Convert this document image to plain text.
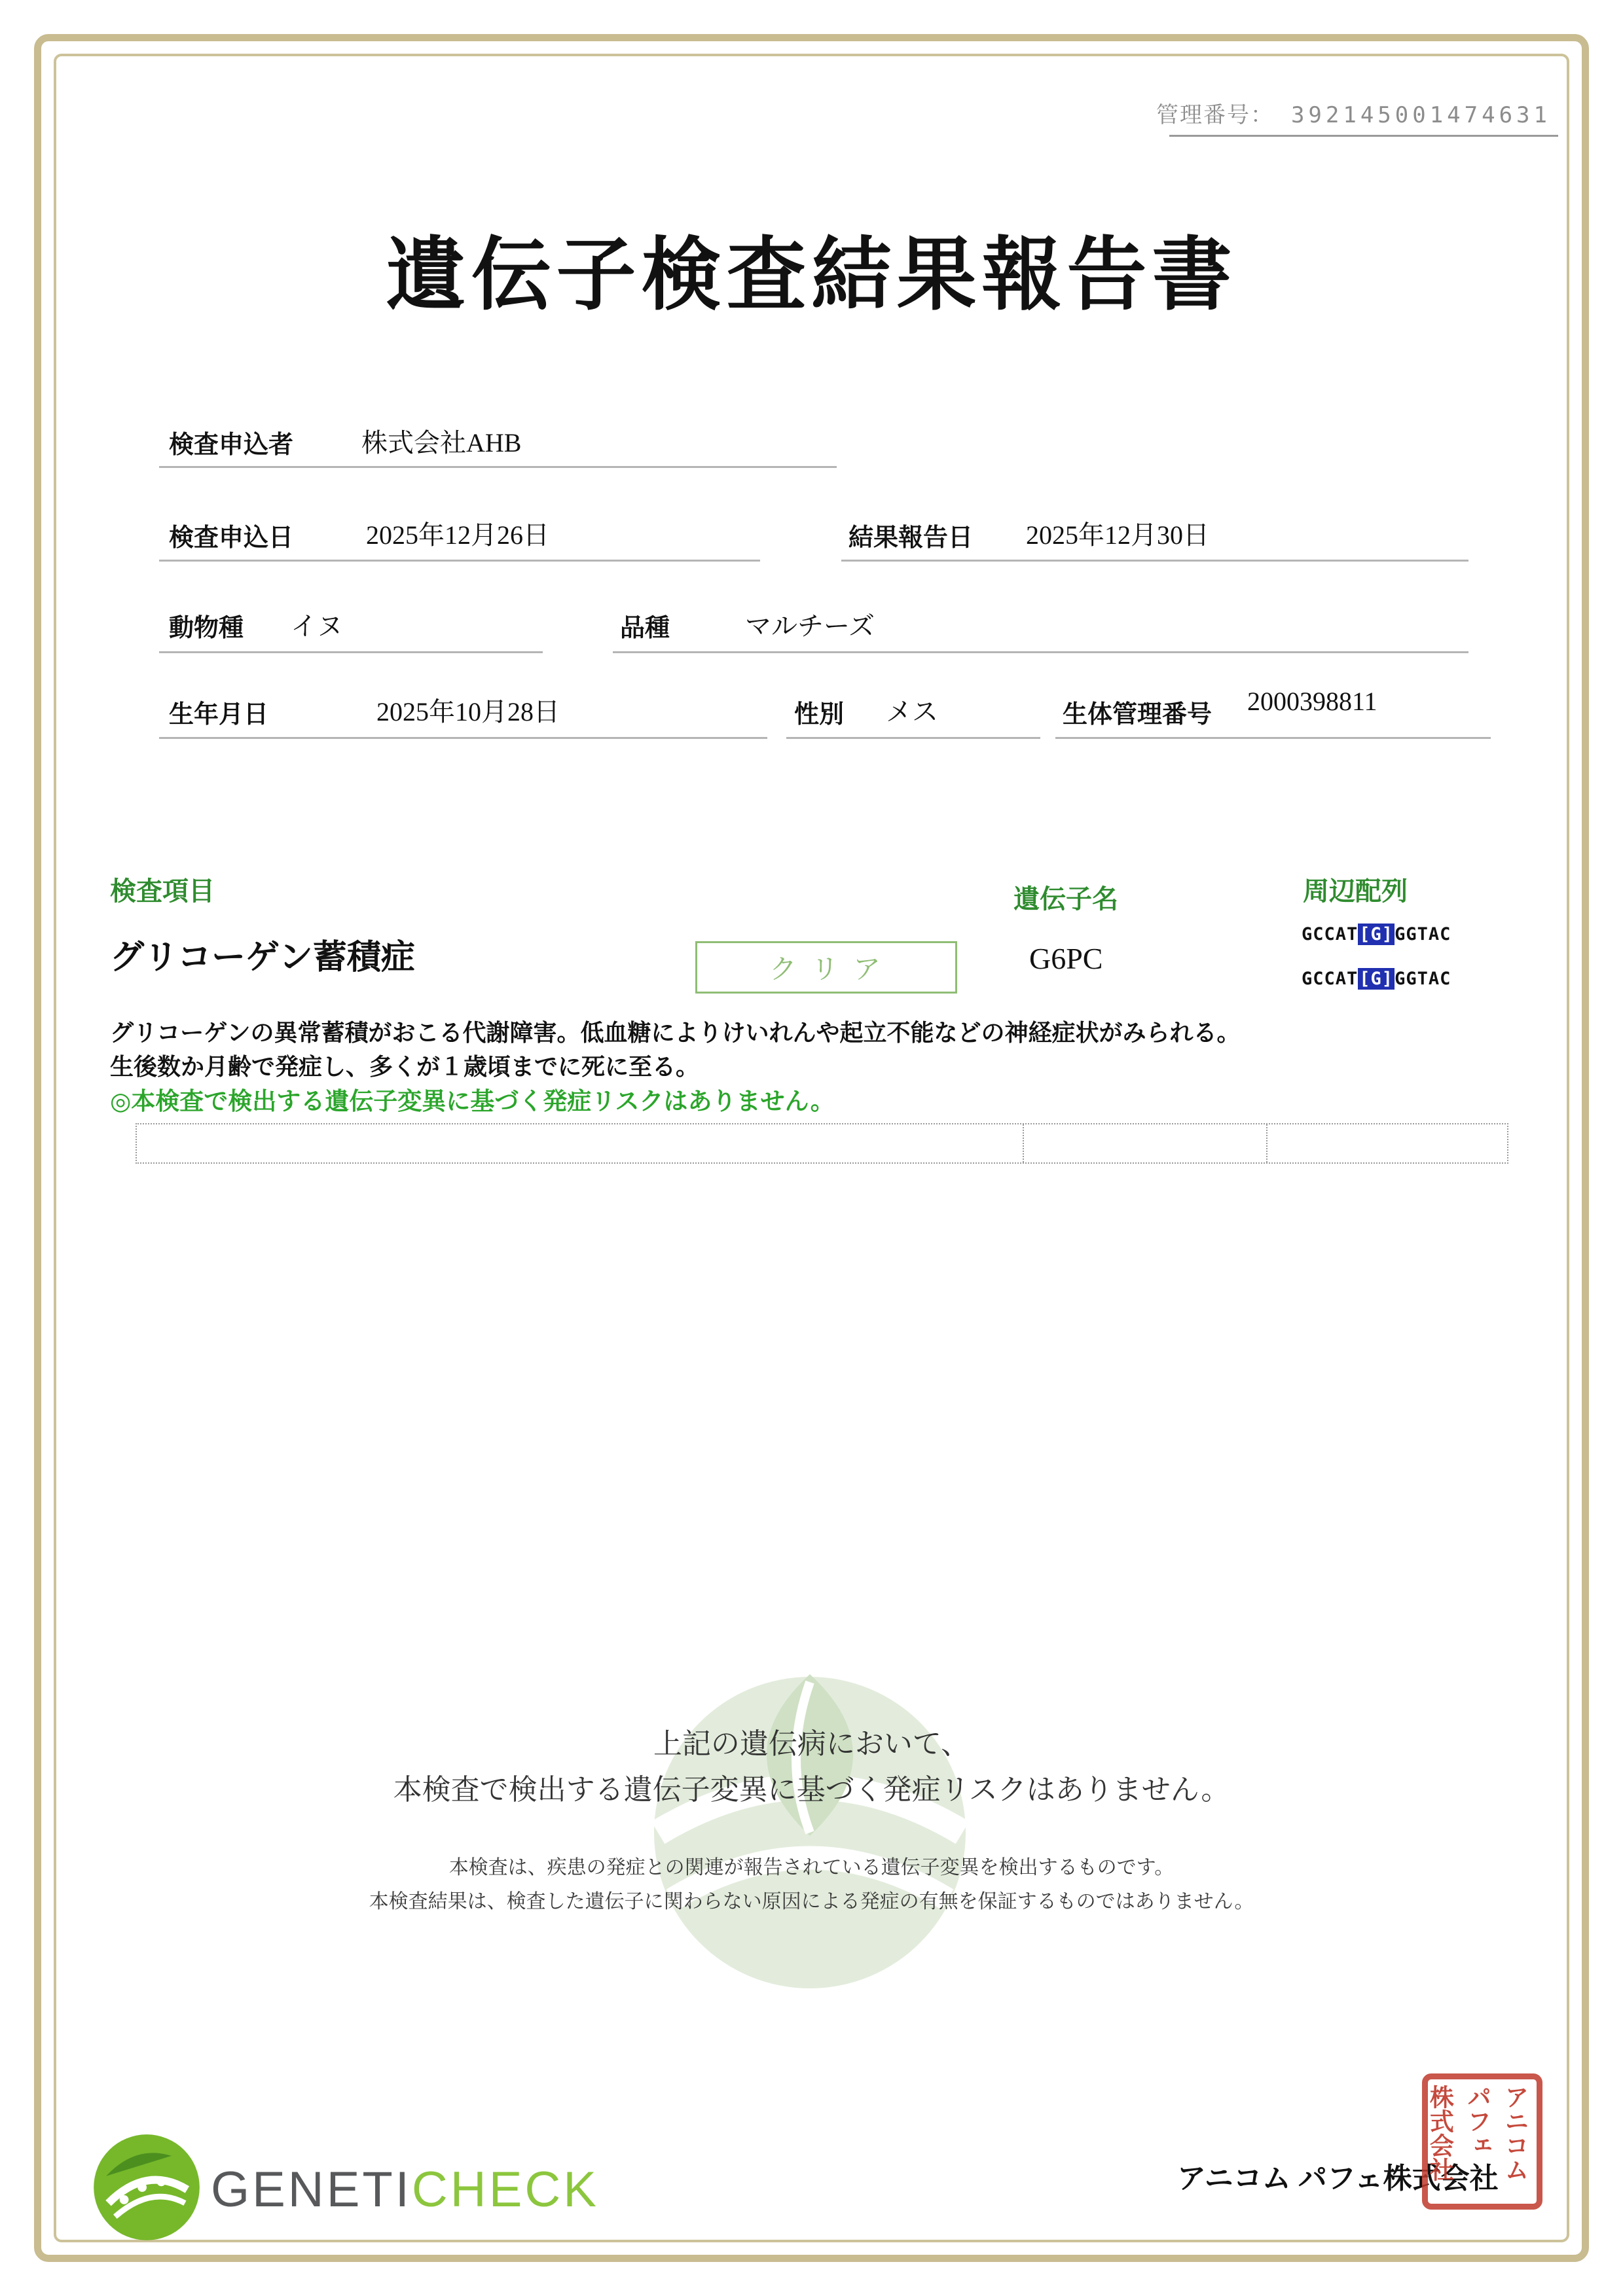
管理番号： 392145001474631
遺伝子検査結果報告書
検査申込者	株式会社AHB
検査申込日	2025年12月26日	結果報告日 2025年12月30日
動物種 イヌ	品種	マルチーズ
生年月日	2025年10月28日	性別 メス	生体管理番号 2000398811
検査項目	遺伝子名	周辺配列
グリコーゲン蓄積症	クリア	G6PC
GCCAT[G]GGTAC
GCCAT[G]GGTAC
グリコーゲンの異常蓄積がおこる代謝障害。低血糖によりけいれんや起立不能などの神経症状がみられる。
生後数か月齢で発症し、多くが１歳頃までに死に至る。
◎本検査で検出する遺伝子変異に基づく発症リスクはありません。
上記の遺伝病において、
本検査で検出する遺伝子変異に基づく発症リスクはありません。
本検査は、疾患の発症との関連が報告されている遺伝子変異を検出するものです。
本検査結果は、検査した遺伝子に関わらない原因による発症の有無を保証するものではありません。
GENETICHECK	アニコム パフェ株式会社 アニコム
パフェ
株式会社
